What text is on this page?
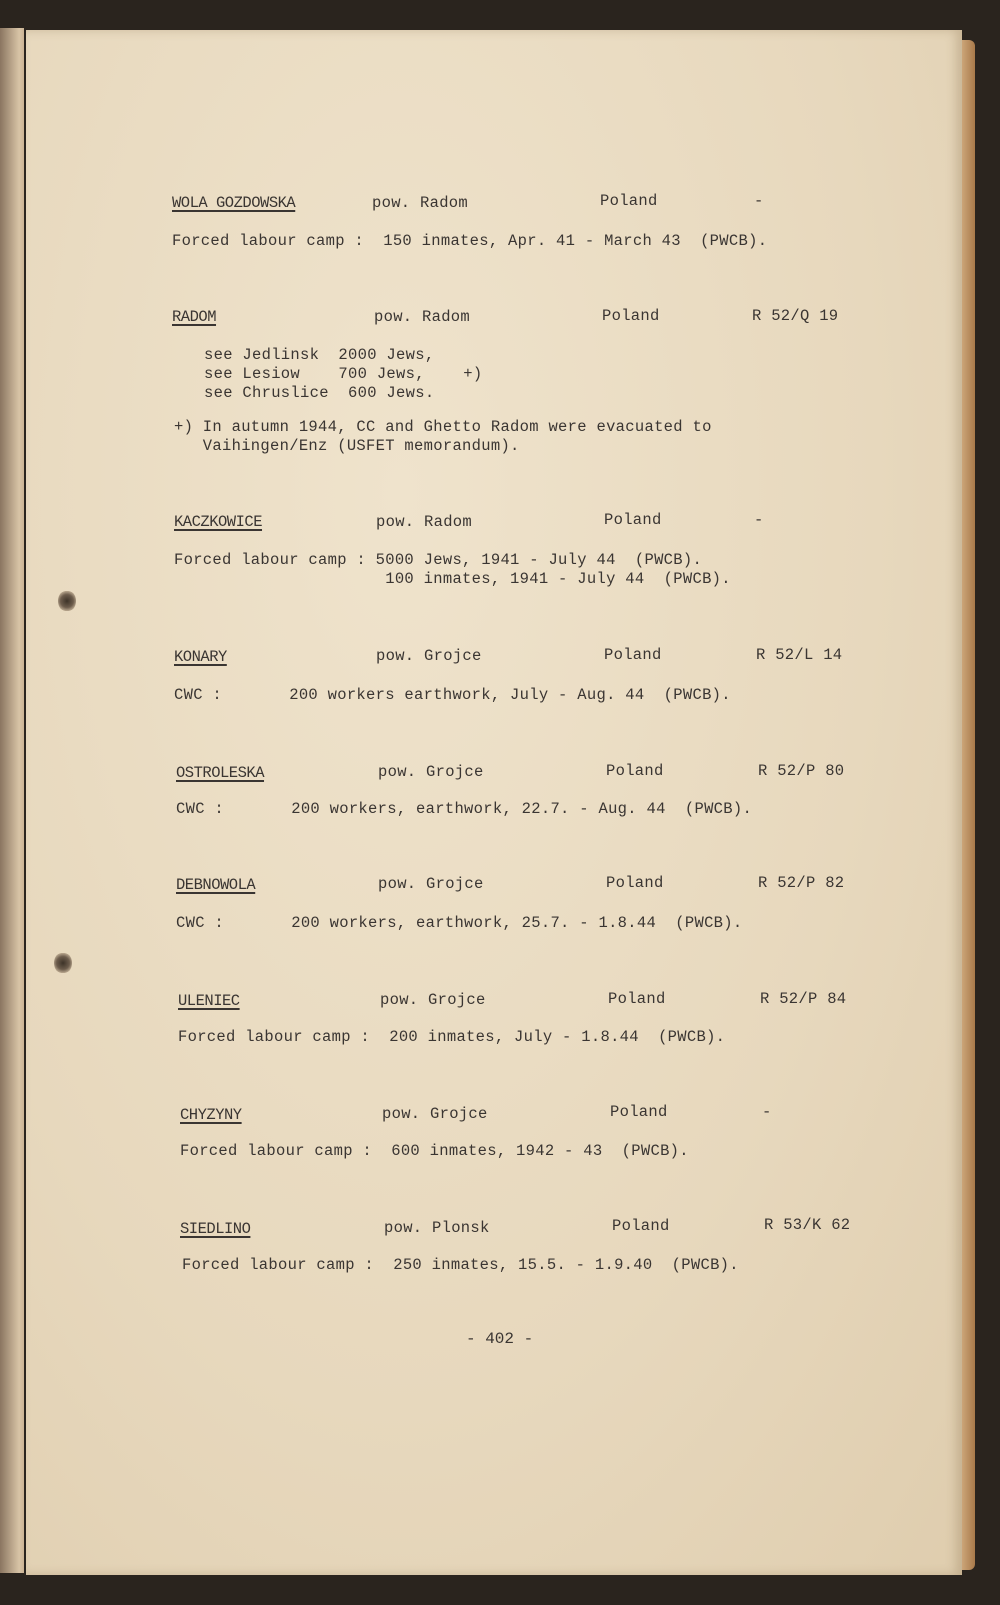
WOLA GOZDOWSKA	pow. Radom	Poland	-
Forced labour camp :  150 inmates, Apr. 41 - March 43  (PWCB).
RADOM	pow. Radom	Poland	R 52/Q 19
see Jedlinsk  2000 Jews,
see Lesiow    700 Jews,    +)
see Chruslice  600 Jews.
+) In autumn 1944, CC and Ghetto Radom were evacuated to
Vaihingen/Enz (USFET memorandum).
KACZKOWICE	pow. Radom	Poland	-
Forced labour camp : 5000 Jews, 1941 - July 44  (PWCB).
100 inmates, 1941 - July 44  (PWCB).
KONARY	pow. Grojce	Poland	R 52/L 14
CWC :       200 workers earthwork, July - Aug. 44  (PWCB).
OSTROLESKA	pow. Grojce	Poland	R 52/P 80
CWC :       200 workers, earthwork, 22.7. - Aug. 44  (PWCB).
DEBNOWOLA	pow. Grojce	Poland	R 52/P 82
CWC :       200 workers, earthwork, 25.7. - 1.8.44  (PWCB).
ULENIEC	pow. Grojce	Poland	R 52/P 84
Forced labour camp :  200 inmates, July - 1.8.44  (PWCB).
CHYZYNY	pow. Grojce	Poland	-
Forced labour camp :  600 inmates, 1942 - 43  (PWCB).
SIEDLINO	pow. Plonsk	Poland	R 53/K 62
Forced labour camp :  250 inmates, 15.5. - 1.9.40  (PWCB).
- 402 -
